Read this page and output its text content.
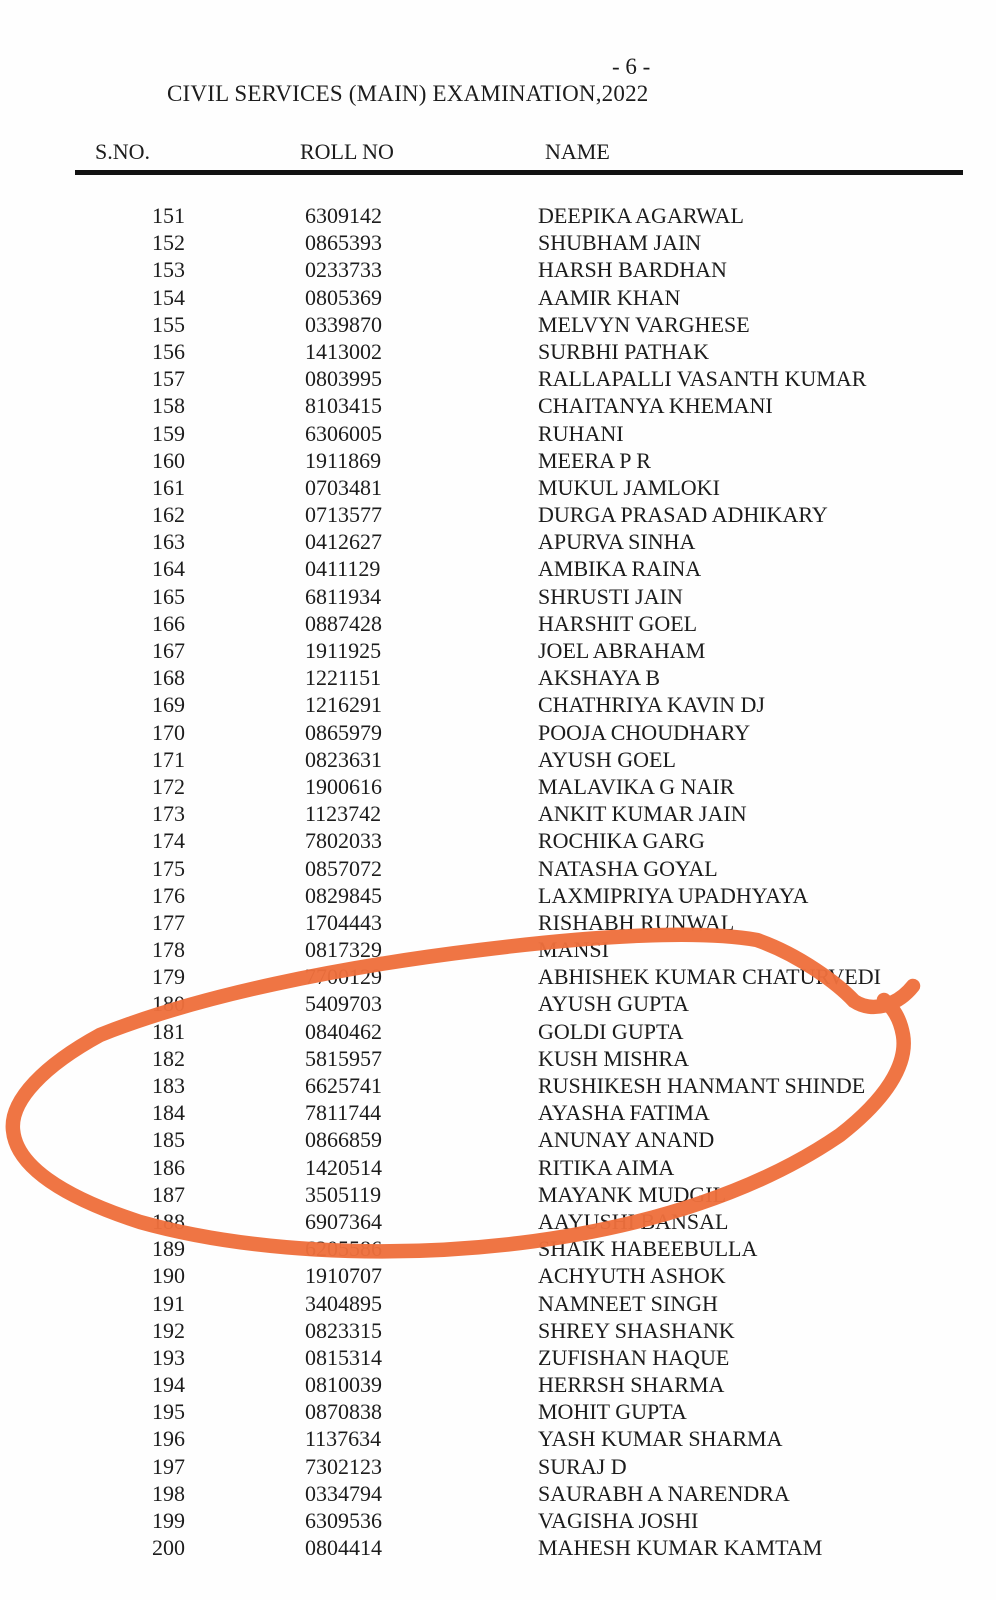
- 6 -
CIVIL SERVICES (MAIN) EXAMINATION,2022
S.NO.	ROLL NO	NAME
151	6309142	DEEPIKA AGARWAL
152	0865393	SHUBHAM JAIN
153	0233733	HARSH BARDHAN
154	0805369	AAMIR KHAN
155	0339870	MELVYN VARGHESE
156	1413002	SURBHI PATHAK
157	0803995	RALLAPALLI VASANTH KUMAR
158	8103415	CHAITANYA KHEMANI
159	6306005	RUHANI
160	1911869	MEERA P R
161	0703481	MUKUL JAMLOKI
162	0713577	DURGA PRASAD ADHIKARY
163	0412627	APURVA SINHA
164	0411129	AMBIKA RAINA
165	6811934	SHRUSTI JAIN
166	0887428	HARSHIT GOEL
167	1911925	JOEL ABRAHAM
168	1221151	AKSHAYA B
169	1216291	CHATHRIYA KAVIN DJ
170	0865979	POOJA CHOUDHARY
171	0823631	AYUSH GOEL
172	1900616	MALAVIKA G NAIR
173	1123742	ANKIT KUMAR JAIN
174	7802033	ROCHIKA GARG
175	0857072	NATASHA GOYAL
176	0829845	LAXMIPRIYA UPADHYAYA
177	1704443	RISHABH RUNWAL
178	0817329	MANSI
179	7700129	ABHISHEK KUMAR CHATURVEDI
180	5409703	AYUSH GUPTA
181	0840462	GOLDI GUPTA
182	5815957	KUSH MISHRA
183	6625741	RUSHIKESH HANMANT SHINDE
184	7811744	AYASHA FATIMA
185	0866859	ANUNAY ANAND
186	1420514	RITIKA AIMA
187	3505119	MAYANK MUDGIL
188	6907364	AAYUSHI BANSAL
189	6205586	SHAIK HABEEBULLA
190	1910707	ACHYUTH ASHOK
191	3404895	NAMNEET SINGH
192	0823315	SHREY SHASHANK
193	0815314	ZUFISHAN HAQUE
194	0810039	HERRSH SHARMA
195	0870838	MOHIT GUPTA
196	1137634	YASH KUMAR SHARMA
197	7302123	SURAJ D
198	0334794	SAURABH A NARENDRA
199	6309536	VAGISHA JOSHI
200	0804414	MAHESH KUMAR KAMTAM
